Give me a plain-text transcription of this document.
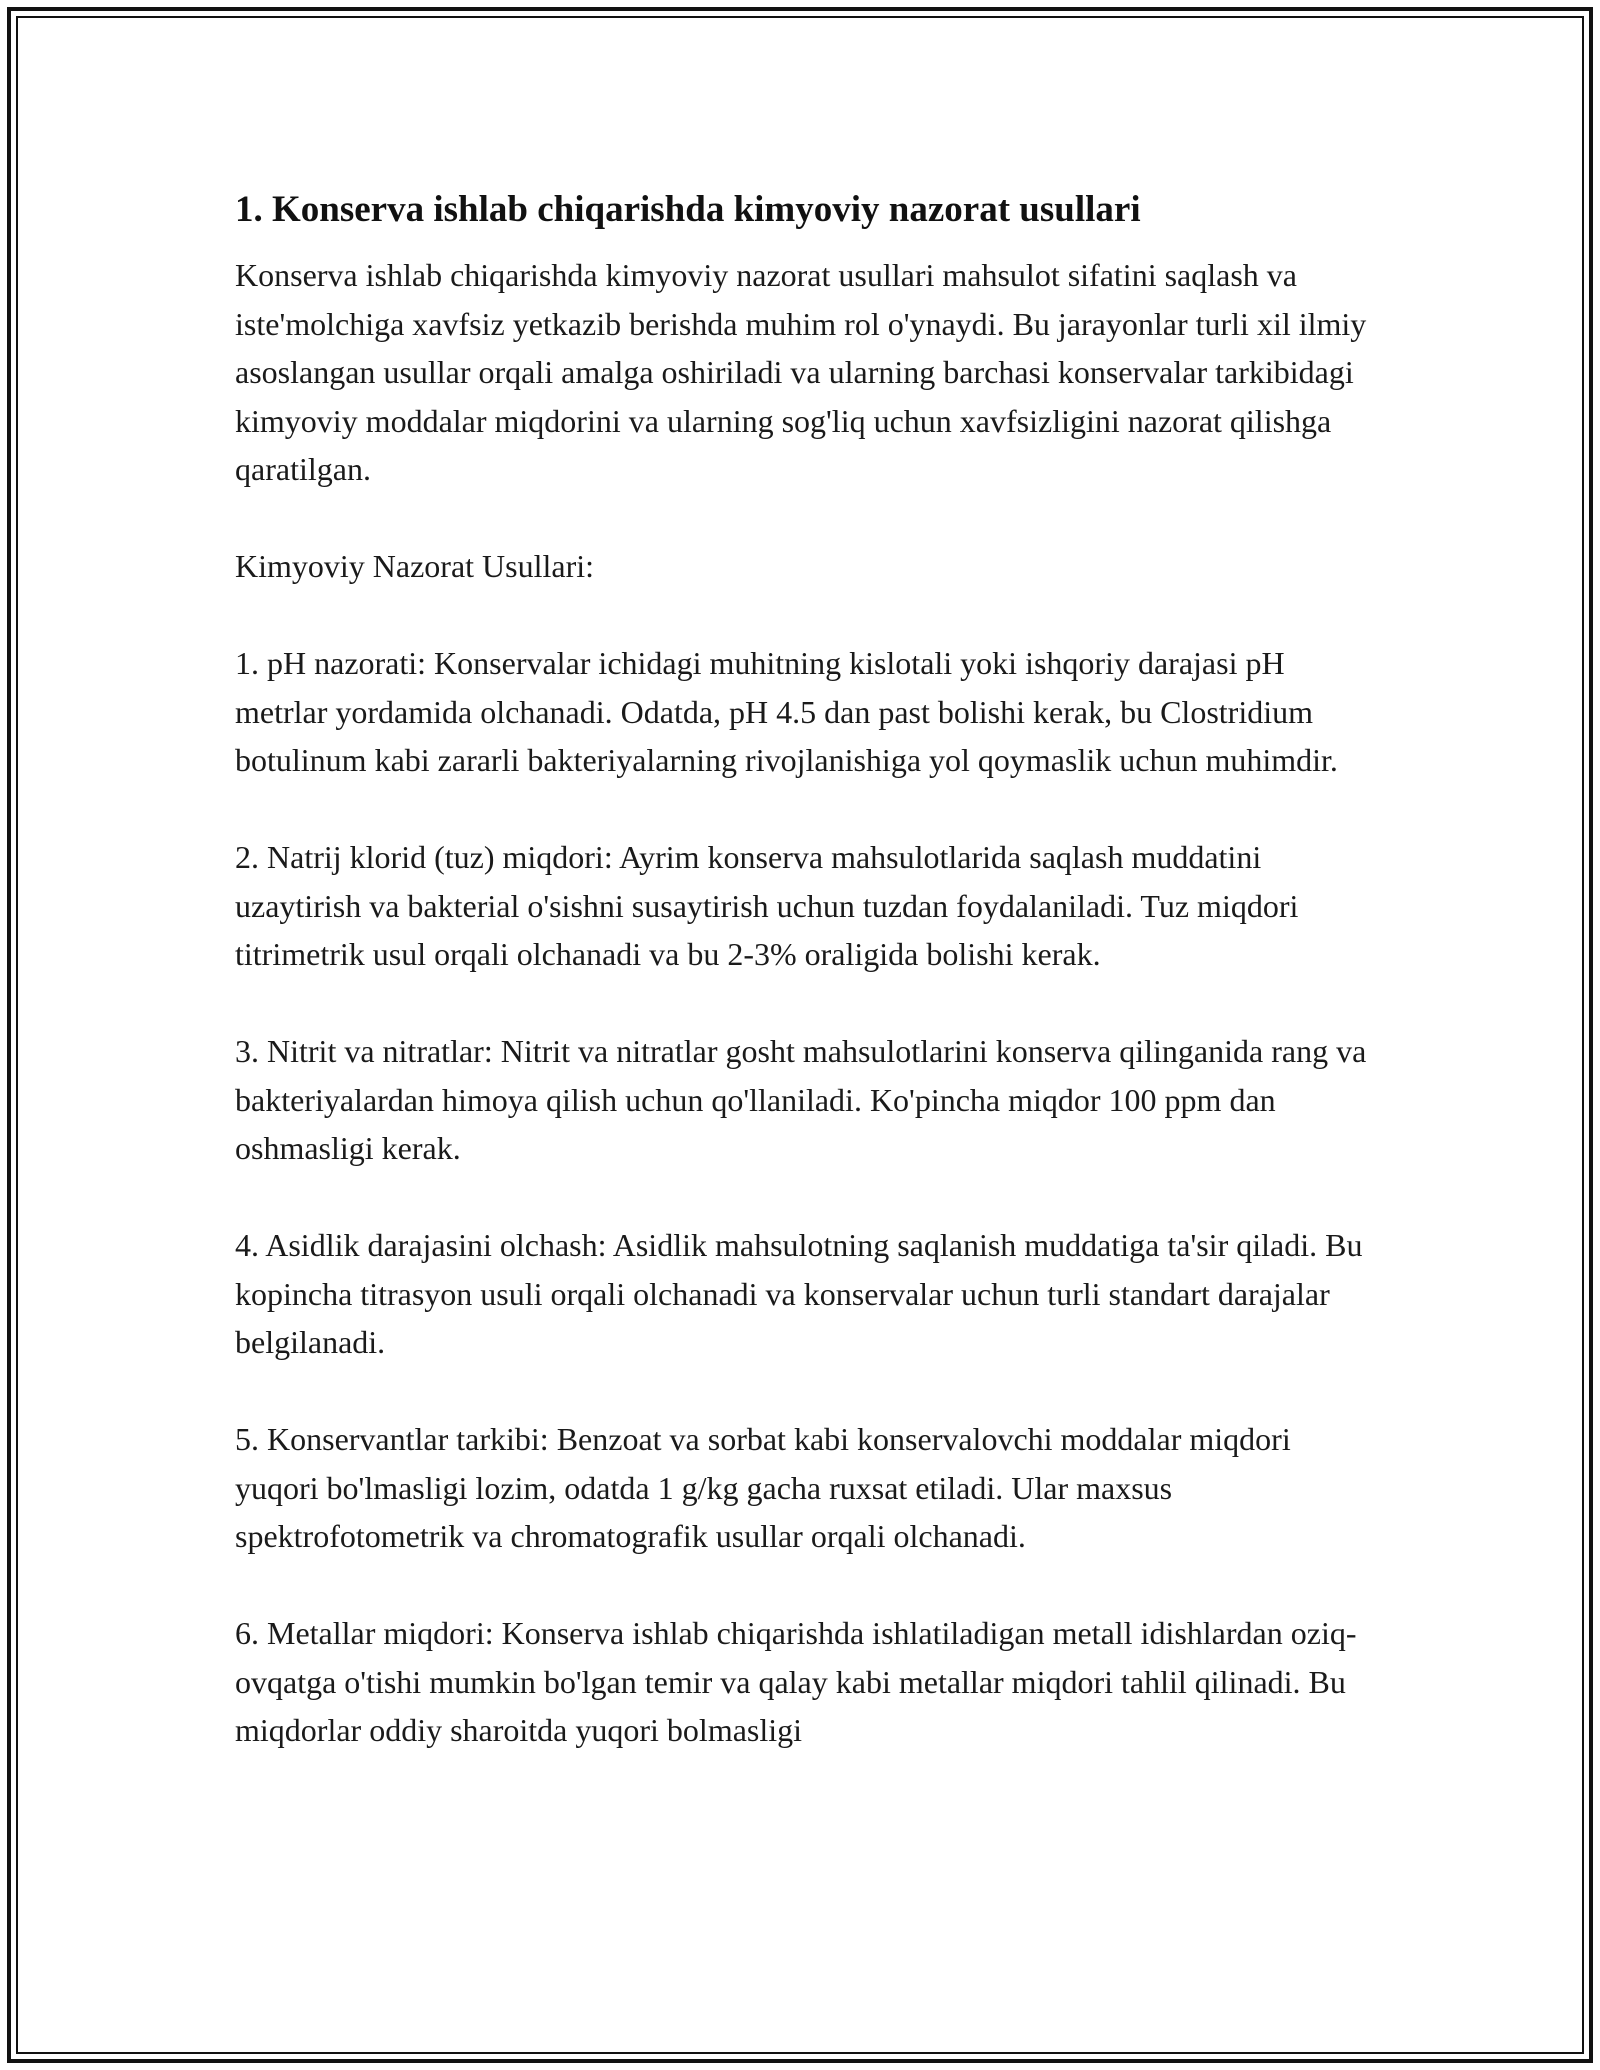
1. Konserva ishlab chiqarishda kimyoviy nazorat usullari

Konserva ishlab chiqarishda kimyoviy nazorat usullari mahsulot sifatini saqlash va iste'molchiga xavfsiz yetkazib berishda muhim rol o'ynaydi. Bu jarayonlar turli xil ilmiy asoslangan usullar orqali amalga oshiriladi va ularning barchasi konservalar tarkibidagi kimyoviy moddalar miqdorini va ularning sog'liq uchun xavfsizligini nazorat qilishga qaratilgan.

Kimyoviy Nazorat Usullari:

1. pH nazorati: Konservalar ichidagi muhitning kislotali yoki ishqoriy darajasi pH metrlar yordamida olchanadi. Odatda, pH 4.5 dan past bolishi kerak, bu Clostridium botulinum kabi zararli bakteriyalarning rivojlanishiga yol qoymaslik uchun muhimdir.

2. Natrij klorid (tuz) miqdori: Ayrim konserva mahsulotlarida saqlash muddatini uzaytirish va bakterial o'sishni susaytirish uchun tuzdan foydalaniladi. Tuz miqdori titrimetrik usul orqali olchanadi va bu 2-3% oraligida bolishi kerak.

3. Nitrit va nitratlar: Nitrit va nitratlar gosht mahsulotlarini konserva qilinganida rang va bakteriyalardan himoya qilish uchun qo'llaniladi. Ko'pincha miqdor 100 ppm dan oshmasligi kerak.

4. Asidlik darajasini olchash: Asidlik mahsulotning saqlanish muddatiga ta'sir qiladi. Bu kopincha titrasyon usuli orqali olchanadi va konservalar uchun turli standart darajalar belgilanadi.

5. Konservantlar tarkibi: Benzoat va sorbat kabi konservalovchi moddalar miqdori yuqori bo'lmasligi lozim, odatda 1 g/kg gacha ruxsat etiladi. Ular maxsus spektrofotometrik va chromatografik usullar orqali olchanadi.

6. Metallar miqdori: Konserva ishlab chiqarishda ishlatiladigan metall idishlardan oziq-ovqatga o'tishi mumkin bo'lgan temir va qalay kabi metallar miqdori tahlil qilinadi. Bu miqdorlar oddiy sharoitda yuqori bolmasligi
